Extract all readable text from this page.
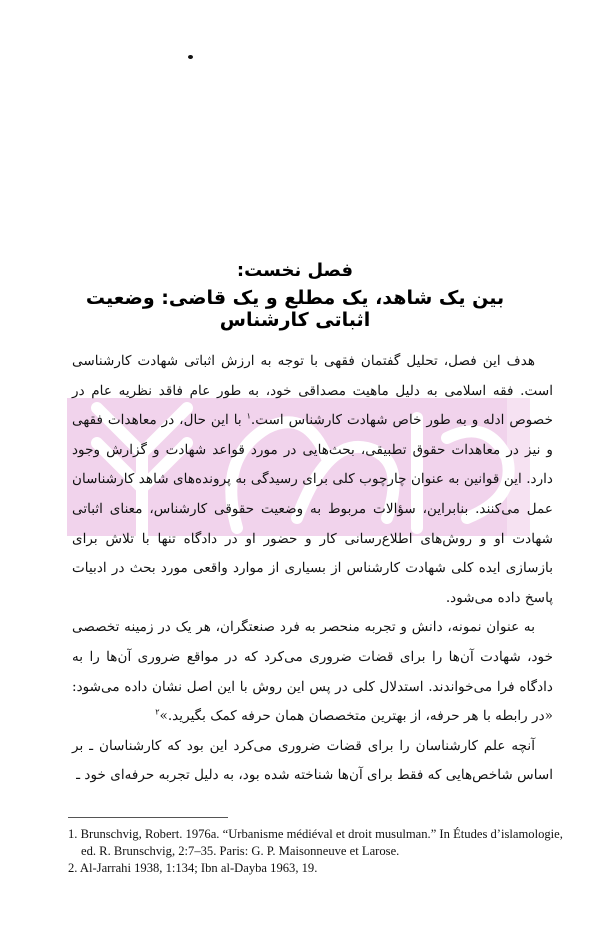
فصل نخست:
بین یک شاهد، یک مطلع و یک قاضی: وضعیت اثباتی کارشناس

هدف این فصل، تحلیل گفتمان فقهی با توجه به ارزش اثباتی شهادت کارشناسی است. فقه اسلامی به دلیل ماهیت مصداقی خود، به طور عام فاقد نظریه عام در خصوص ادله و به طور خاص شهادت کارشناس است.$^۱$ با این حال، در معاهدات فقهی و نیز در معاهدات حقوق تطبیقی، بحث‌هایی در مورد قواعد شهادت و گزارش وجود دارد. این قوانین به عنوان چارچوب کلی برای رسیدگی به پرونده‌های شاهد کارشناسان عمل می‌کنند. بنابراین، سؤالات مربوط به وضعیت حقوقی کارشناس، معنای اثباتی شهادت او و روش‌های اطلاع‌رسانی کار و حضور او در دادگاه تنها با تلاش برای بازسازی ایده کلی شهادت کارشناس از بسیاری از موارد واقعی مورد بحث در ادبیات پاسخ داده می‌شود.

به عنوان نمونه، دانش و تجربه منحصر به فرد صنعتگران، هر یک در زمینه تخصصی خود، شهادت آن‌ها را برای قضات ضروری می‌کرد که در مواقع ضروری آن‌ها را به دادگاه فرا می‌خواندند. استدلال کلی در پس این روش با این اصل نشان داده می‌شود: «در رابطه با هر حرفه، از بهترین متخصصان همان حرفه کمک بگیرید.»$^۲$

آنچه علم کارشناسان را برای قضات ضروری می‌کرد این بود که کارشناسان ـ بر اساس شاخص‌هایی که فقط برای آن‌ها شناخته شده بود، به دلیل تجربه حرفه‌ای خود ـ

1. Brunschvig, Robert. 1976a. “Urbanisme médiéval et droit musulman.” In Études d’islamologie, ed. R. Brunschvig, 2:7–35. Paris: G. P. Maisonneuve et Larose.

2. Al-Jarrahi 1938, 1:134; Ibn al-Dayba 1963, 19.
